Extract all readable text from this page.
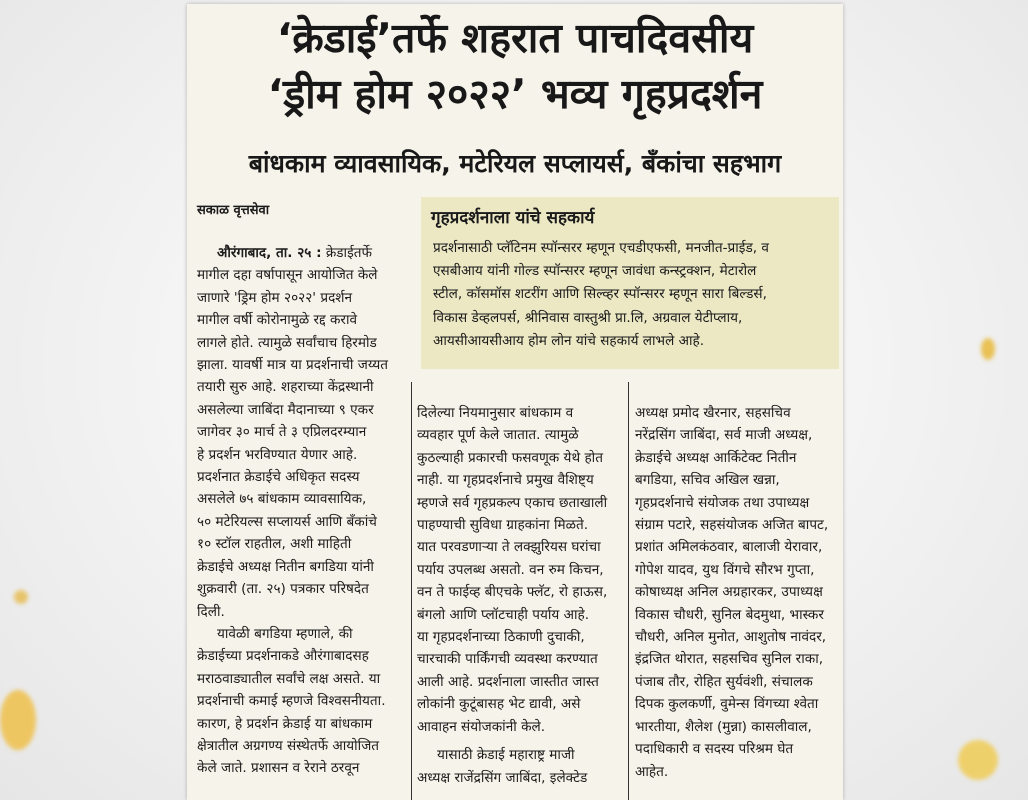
‘क्रेडाई’तर्फे शहरात पाचदिवसीय
‘ड्रीम होम २०२२’ भव्य गृहप्रदर्शन
बांधकाम व्यावसायिक, मटेरियल सप्लायर्स, बँकांचा सहभाग
सकाळ वृत्तसेवा	गृहप्रदर्शनाला यांचे सहकार्य

प्रदर्शनासाठी प्लॅटिनम स्पॉन्सरर म्हणून एचडीएफसी, मनजीत-प्राईड, व

एसबीआय यांनी गोल्ड स्पॉन्सरर म्हणून जावंधा कन्स्ट्रक्शन, मेटारोल

स्टील, कॉसमॉस शटरींग आणि सिल्व्हर स्पॉन्सरर म्हणून सारा बिल्डर्स,

विकास डेव्हलपर्स, श्रीनिवास वास्तुश्री प्रा.लि, अग्रवाल येटीप्लाय,

आयसीआयसीआय होम लोन यांचे सहकार्य लाभले आहे.

औरंगाबाद, ता. २५ : क्रेडाईतर्फे

मागील दहा वर्षापासून आयोजित केले

जाणारे 'ड्रिम होम २०२२' प्रदर्शन

मागील वर्षी कोरोनामुळे रद्द करावे

लागले होते. त्यामुळे सर्वांचाच हिरमोड

झाला. यावर्षी मात्र या प्रदर्शनाची जय्यत

तयारी सुरु आहे. शहराच्या केंद्रस्थानी

असलेल्या जाबिंदा मैदानाच्या ९ एकर

जागेवर ३० मार्च ते ३ एप्रिलदरम्यान

हे प्रदर्शन भरविण्यात येणार आहे.

प्रदर्शनात क्रेडाईचे अधिकृत सदस्य

असलेले ७५ बांधकाम व्यावसायिक,

५० मटेरियल्स सप्लायर्स आणि बँकांचे

१० स्टॉल राहतील, अशी माहिती

क्रेडाईचे अध्यक्ष नितीन बगडिया यांनी

शुक्रवारी (ता. २५) पत्रकार परिषदेत

दिली.

यावेळी बगडिया म्हणाले, की

क्रेडाईच्या प्रदर्शनाकडे औरंगाबादसह

मराठवाड्यातील सर्वांचे लक्ष असते. या

प्रदर्शनाची कमाई म्हणजे विश्वसनीयता.

कारण, हे प्रदर्शन क्रेडाई या बांधकाम

क्षेत्रातील अग्रगण्य संस्थेतर्फे आयोजित

केले जाते. प्रशासन व रेराने ठरवून

दिलेल्या नियमानुसार बांधकाम व

व्यवहार पूर्ण केले जातात. त्यामुळे

कुठल्याही प्रकारची फसवणूक येथे होत

नाही. या गृहप्रदर्शनाचे प्रमुख वैशिष्ट्य

म्हणजे सर्व गृहप्रकल्प एकाच छताखाली

पाहण्याची सुविधा ग्राहकांना मिळते.

यात परवडणाऱ्या ते लक्झुरियस घरांचा

पर्याय उपलब्ध असतो. वन रुम किचन,

वन ते फाईव्ह बीएचके फ्लॅट, रो हाऊस,

बंगलो आणि प्लॉटचाही पर्याय आहे.

या गृहप्रदर्शनाच्या ठिकाणी दुचाकी,

चारचाकी पार्किंगची व्यवस्था करण्यात

आली आहे. प्रदर्शनाला जास्तीत जास्त

लोकांनी कुटूंबासह भेट द्यावी, असे

आवाहन संयोजकांनी केले.

यासाठी क्रेडाई महाराष्ट्र माजी

अध्यक्ष राजेंद्रसिंग जाबिंदा, इलेक्टेड

अध्यक्ष प्रमोद खैरनार, सहसचिव

नरेंद्रसिंग जाबिंदा, सर्व माजी अध्यक्ष,

क्रेडाईचे अध्यक्ष आर्किटेक्ट नितीन

बगडिया, सचिव अखिल खन्ना,

गृहप्रदर्शनाचे संयोजक तथा उपाध्यक्ष

संग्राम पटारे, सहसंयोजक अजित बापट,

प्रशांत अमिलकंठवार, बालाजी येरावार,

गोपेश यादव, युथ विंगचे सौरभ गुप्ता,

कोषाध्यक्ष अनिल अग्रहारकर, उपाध्यक्ष

विकास चौधरी, सुनिल बेदमुथा, भास्कर

चौधरी, अनिल मुनोत, आशुतोष नावंदर,

इंद्रजित थोरात, सहसचिव सुनिल राका,

पंजाब तौर, रोहित सुर्यवंशी, संचालक

दिपक कुलकर्णी, वुमेन्स विंगच्या श्वेता

भारतीया, शैलेश (मुन्ना) कासलीवाल,

पदाधिकारी व सदस्य परिश्रम घेत

आहेत.
